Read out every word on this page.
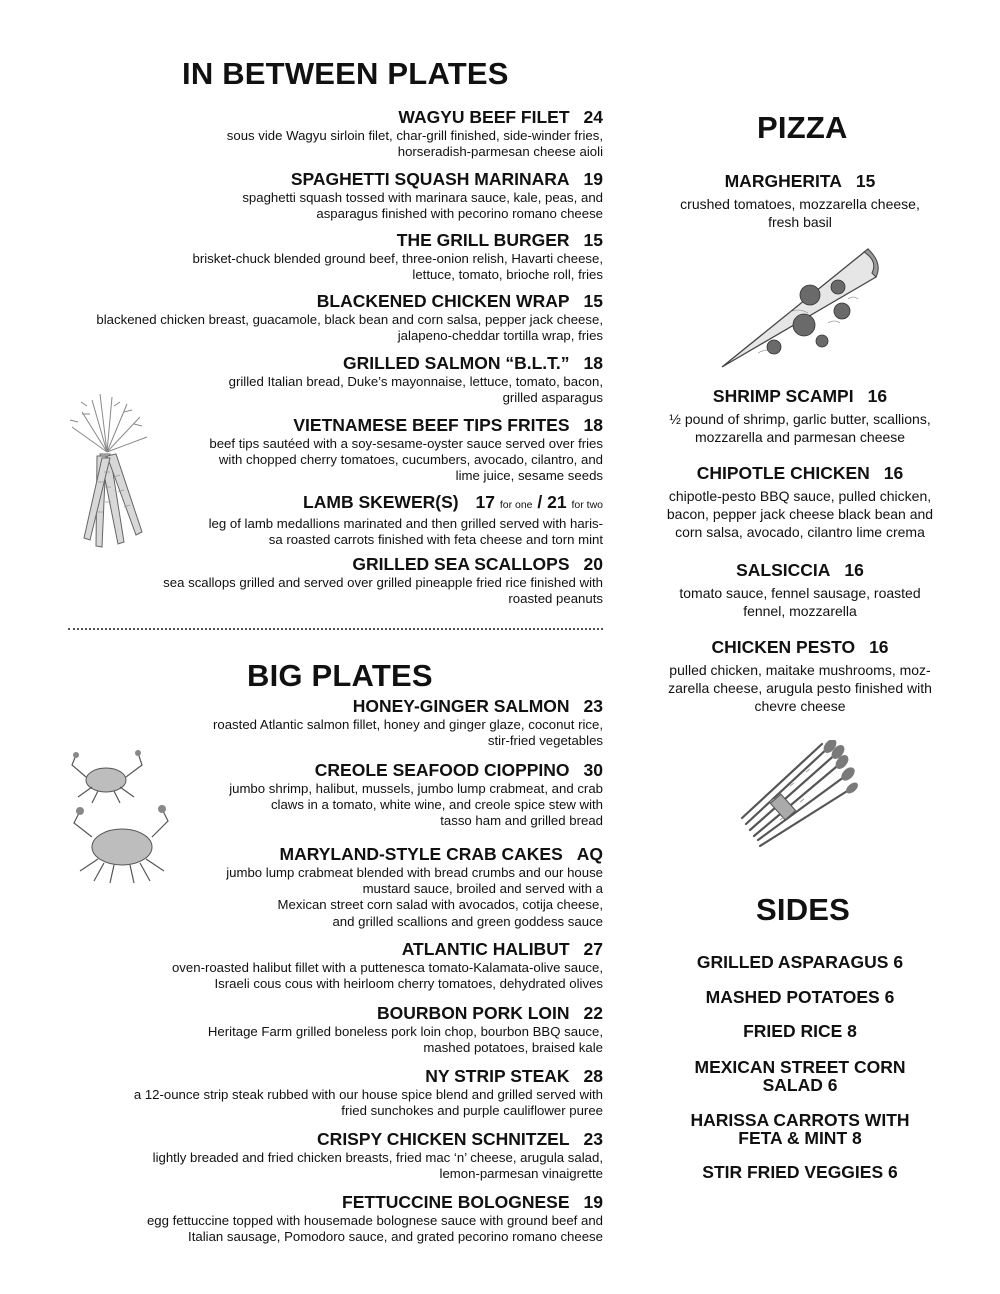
IN BETWEEN PLATES
BIG PLATES
PIZZA
SIDES
WAGYU BEEF FILET 24
sous vide Wagyu sirloin filet, char-grill finished, side-winder fries,
horseradish-parmesan cheese aioli
SPAGHETTI SQUASH MARINARA 19
spaghetti squash tossed with marinara sauce, kale, peas, and
asparagus finished with pecorino romano cheese
THE GRILL BURGER 15
brisket-chuck blended ground beef, three-onion relish, Havarti cheese,
lettuce, tomato, brioche roll, fries
BLACKENED CHICKEN WRAP 15
blackened chicken breast, guacamole, black bean and corn salsa, pepper jack cheese,
jalapeno-cheddar tortilla wrap, fries
GRILLED SALMON “B.L.T.” 18
grilled Italian bread, Duke’s mayonnaise, lettuce, tomato, bacon,
grilled asparagus
VIETNAMESE BEEF TIPS FRITES 18
beef tips sautéed with a soy-sesame-oyster sauce served over fries
with chopped cherry tomatoes, cucumbers, avocado, cilantro, and
lime juice, sesame seeds
LAMB SKEWER(S) 17 for one / 21 for two
leg of lamb medallions marinated and then grilled served with haris-
sa roasted carrots finished with feta cheese and torn mint
GRILLED SEA SCALLOPS 20
sea scallops grilled and served over grilled pineapple fried rice finished with
roasted peanuts
HONEY-GINGER SALMON 23
roasted Atlantic salmon fillet, honey and ginger glaze, coconut rice,
stir-fried vegetables
CREOLE SEAFOOD CIOPPINO 30
jumbo shrimp, halibut, mussels, jumbo lump crabmeat, and crab
claws in a tomato, white wine, and creole spice stew with
tasso ham and grilled bread
MARYLAND-STYLE CRAB CAKES AQ
jumbo lump crabmeat blended with bread crumbs and our house
mustard sauce, broiled and served with a
Mexican street corn salad with avocados, cotija cheese,
and grilled scallions and green goddess sauce
ATLANTIC HALIBUT 27
oven-roasted halibut fillet with a puttenesca tomato-Kalamata-olive sauce,
Israeli cous cous with heirloom cherry tomatoes, dehydrated olives
BOURBON PORK LOIN 22
Heritage Farm grilled boneless pork loin chop, bourbon BBQ sauce,
mashed potatoes, braised kale
NY STRIP STEAK 28
a 12-ounce strip steak rubbed with our house spice blend and grilled served with
fried sunchokes and purple cauliflower puree
CRISPY CHICKEN SCHNITZEL 23
lightly breaded and fried chicken breasts, fried mac ‘n’ cheese, arugula salad,
lemon-parmesan vinaigrette
FETTUCCINE BOLOGNESE 19
egg fettuccine topped with housemade bolognese sauce with ground beef and
Italian sausage, Pomodoro sauce, and grated pecorino romano cheese
MARGHERITA 15
crushed tomatoes, mozzarella cheese,
fresh basil
SHRIMP SCAMPI 16
½ pound of shrimp, garlic butter, scallions,
mozzarella and parmesan cheese
CHIPOTLE CHICKEN 16
chipotle-pesto BBQ sauce, pulled chicken,
bacon, pepper jack cheese black bean and
corn salsa, avocado, cilantro lime crema
SALSICCIA 16
tomato sauce, fennel sausage, roasted
fennel, mozzarella
CHICKEN PESTO 16
pulled chicken, maitake mushrooms, moz-
zarella cheese, arugula pesto finished with
chevre cheese
GRILLED ASPARAGUS 6
MASHED POTATOES 6
FRIED RICE 8
MEXICAN STREET CORN
SALAD 6
HARISSA CARROTS WITH
FETA & MINT 8
STIR FRIED VEGGIES 6
